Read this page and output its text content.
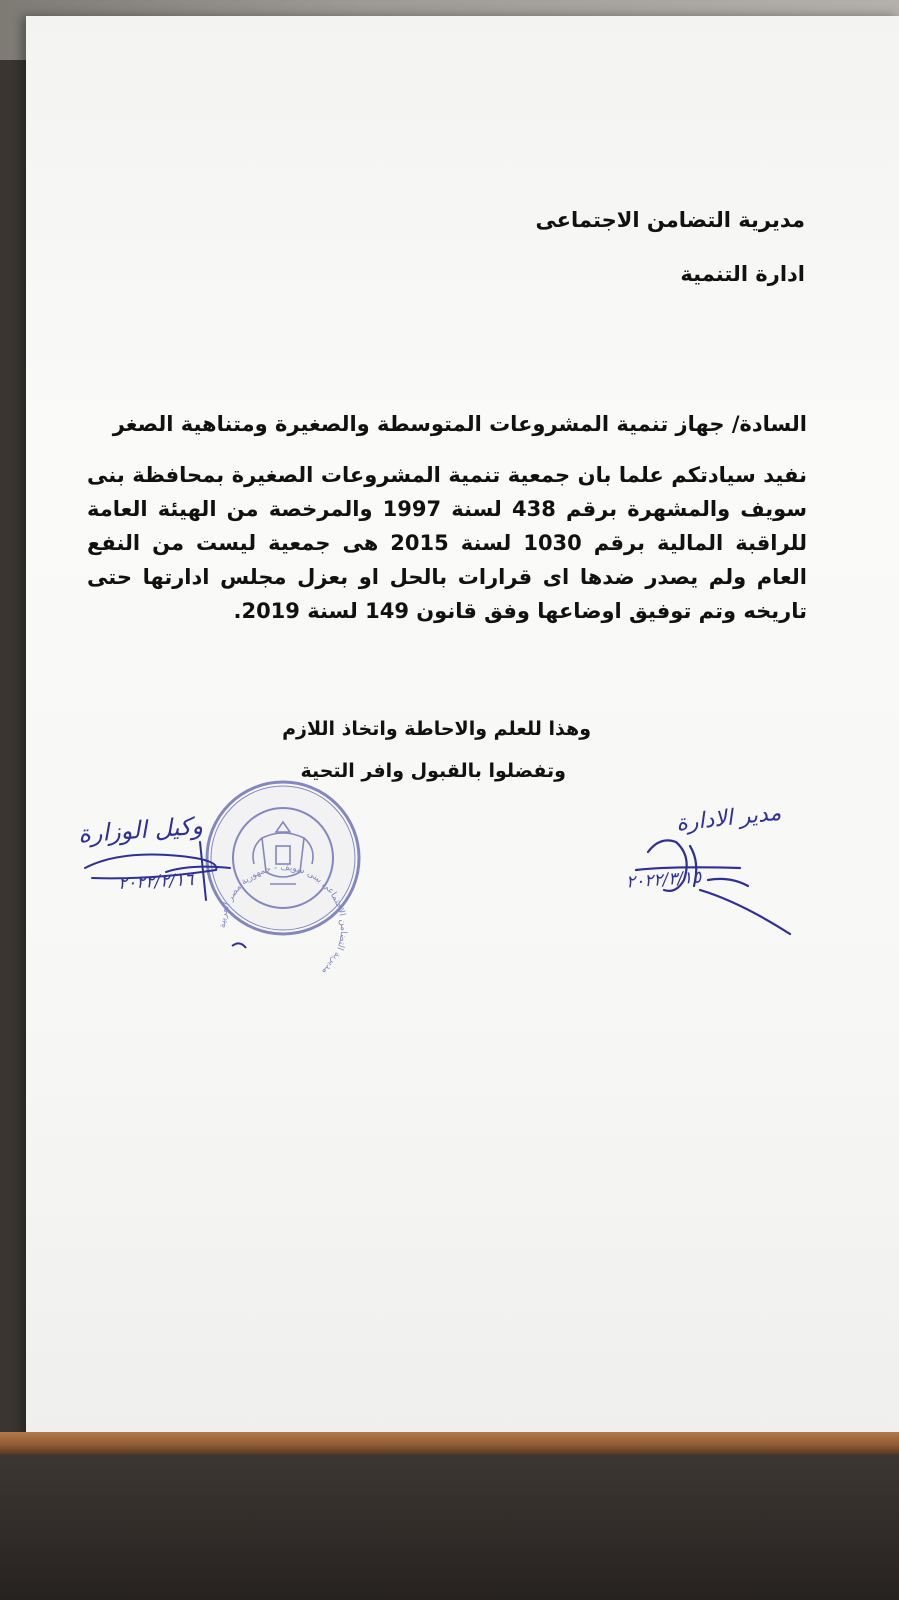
مديرية التضامن الاجتماعى
ادارة التنمية
السادة/ جهاز تنمية المشروعات المتوسطة والصغيرة ومتناهية الصغر
نفيد سيادتكم علما بان جمعية تنمية المشروعات الصغيرة بمحافظة بنى سويف والمشهرة برقم 438 لسنة 1997 والمرخصة من الهيئة العامة للراقبة المالية برقم 1030 لسنة 2015 هى جمعية ليست من النفع العام ولم يصدر ضدها اى قرارات بالحل او بعزل مجلس ادارتها حتى تاريخه وتم توفيق اوضاعها وفق قانون 149 لسنة 2019.
وهذا للعلم والاحاطة واتخاذ اللازم
وتفضلوا بالقبول وافر التحية
مديرية التضامن الاجتماعى ببنى سويف - جمهورية مصر العربية
مدير الادارة
٢٠٢٢/٣/١٥
وكيل الوزارة
٢٠٢٢/٢/١٦
